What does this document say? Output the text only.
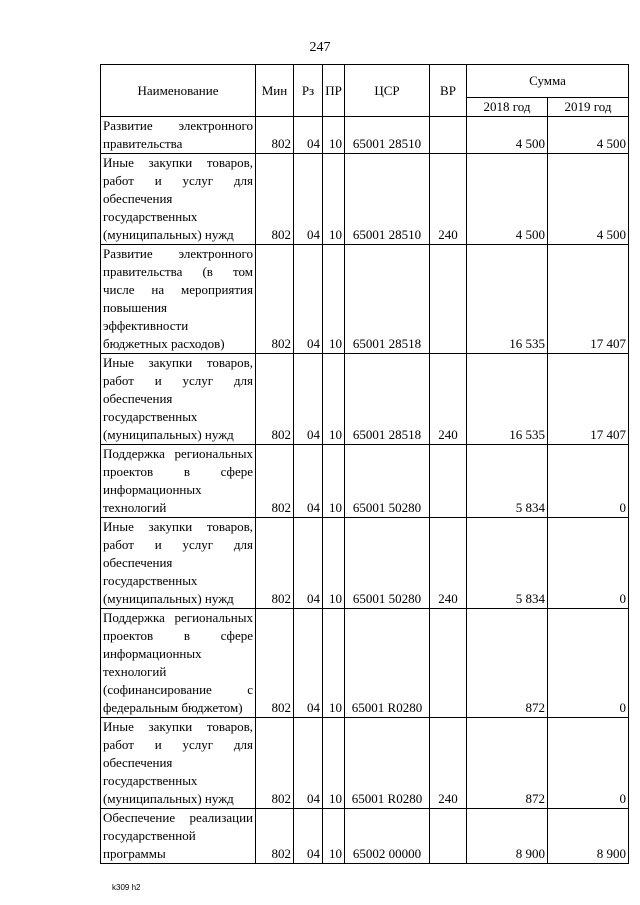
247
Наименование	Мин	Рз	ПР	ЦСР	ВР	Сумма	
						2018 год	2019 год
Развитие электронного правительства	802	04	10	65001 28510		4 500	4 500
Иные закупки товаров, работ и услуг для обеспечения государственных (муниципальных) нужд	802	04	10	65001 28510	240	4 500	4 500
Развитие электронного правительства (в том числе на мероприятия повышения эффективности бюджетных расходов)	802	04	10	65001 28518		16 535	17 407
Иные закупки товаров, работ и услуг для обеспечения государственных (муниципальных) нужд	802	04	10	65001 28518	240	16 535	17 407
Поддержка региональных проектов в сфере информационных технологий	802	04	10	65001 50280		5 834	0
Иные закупки товаров, работ и услуг для обеспечения государственных (муниципальных) нужд	802	04	10	65001 50280	240	5 834	0
Поддержка региональных проектов в сфере информационных технологий (софинансирование с федеральным бюджетом)	802	04	10	65001 R0280		872	0
Иные закупки товаров, работ и услуг для обеспечения государственных (муниципальных) нужд	802	04	10	65001 R0280	240	872	0
Обеспечение реализации государственной программы	802	04	10	65002 00000		8 900	8 900
k309 h2
